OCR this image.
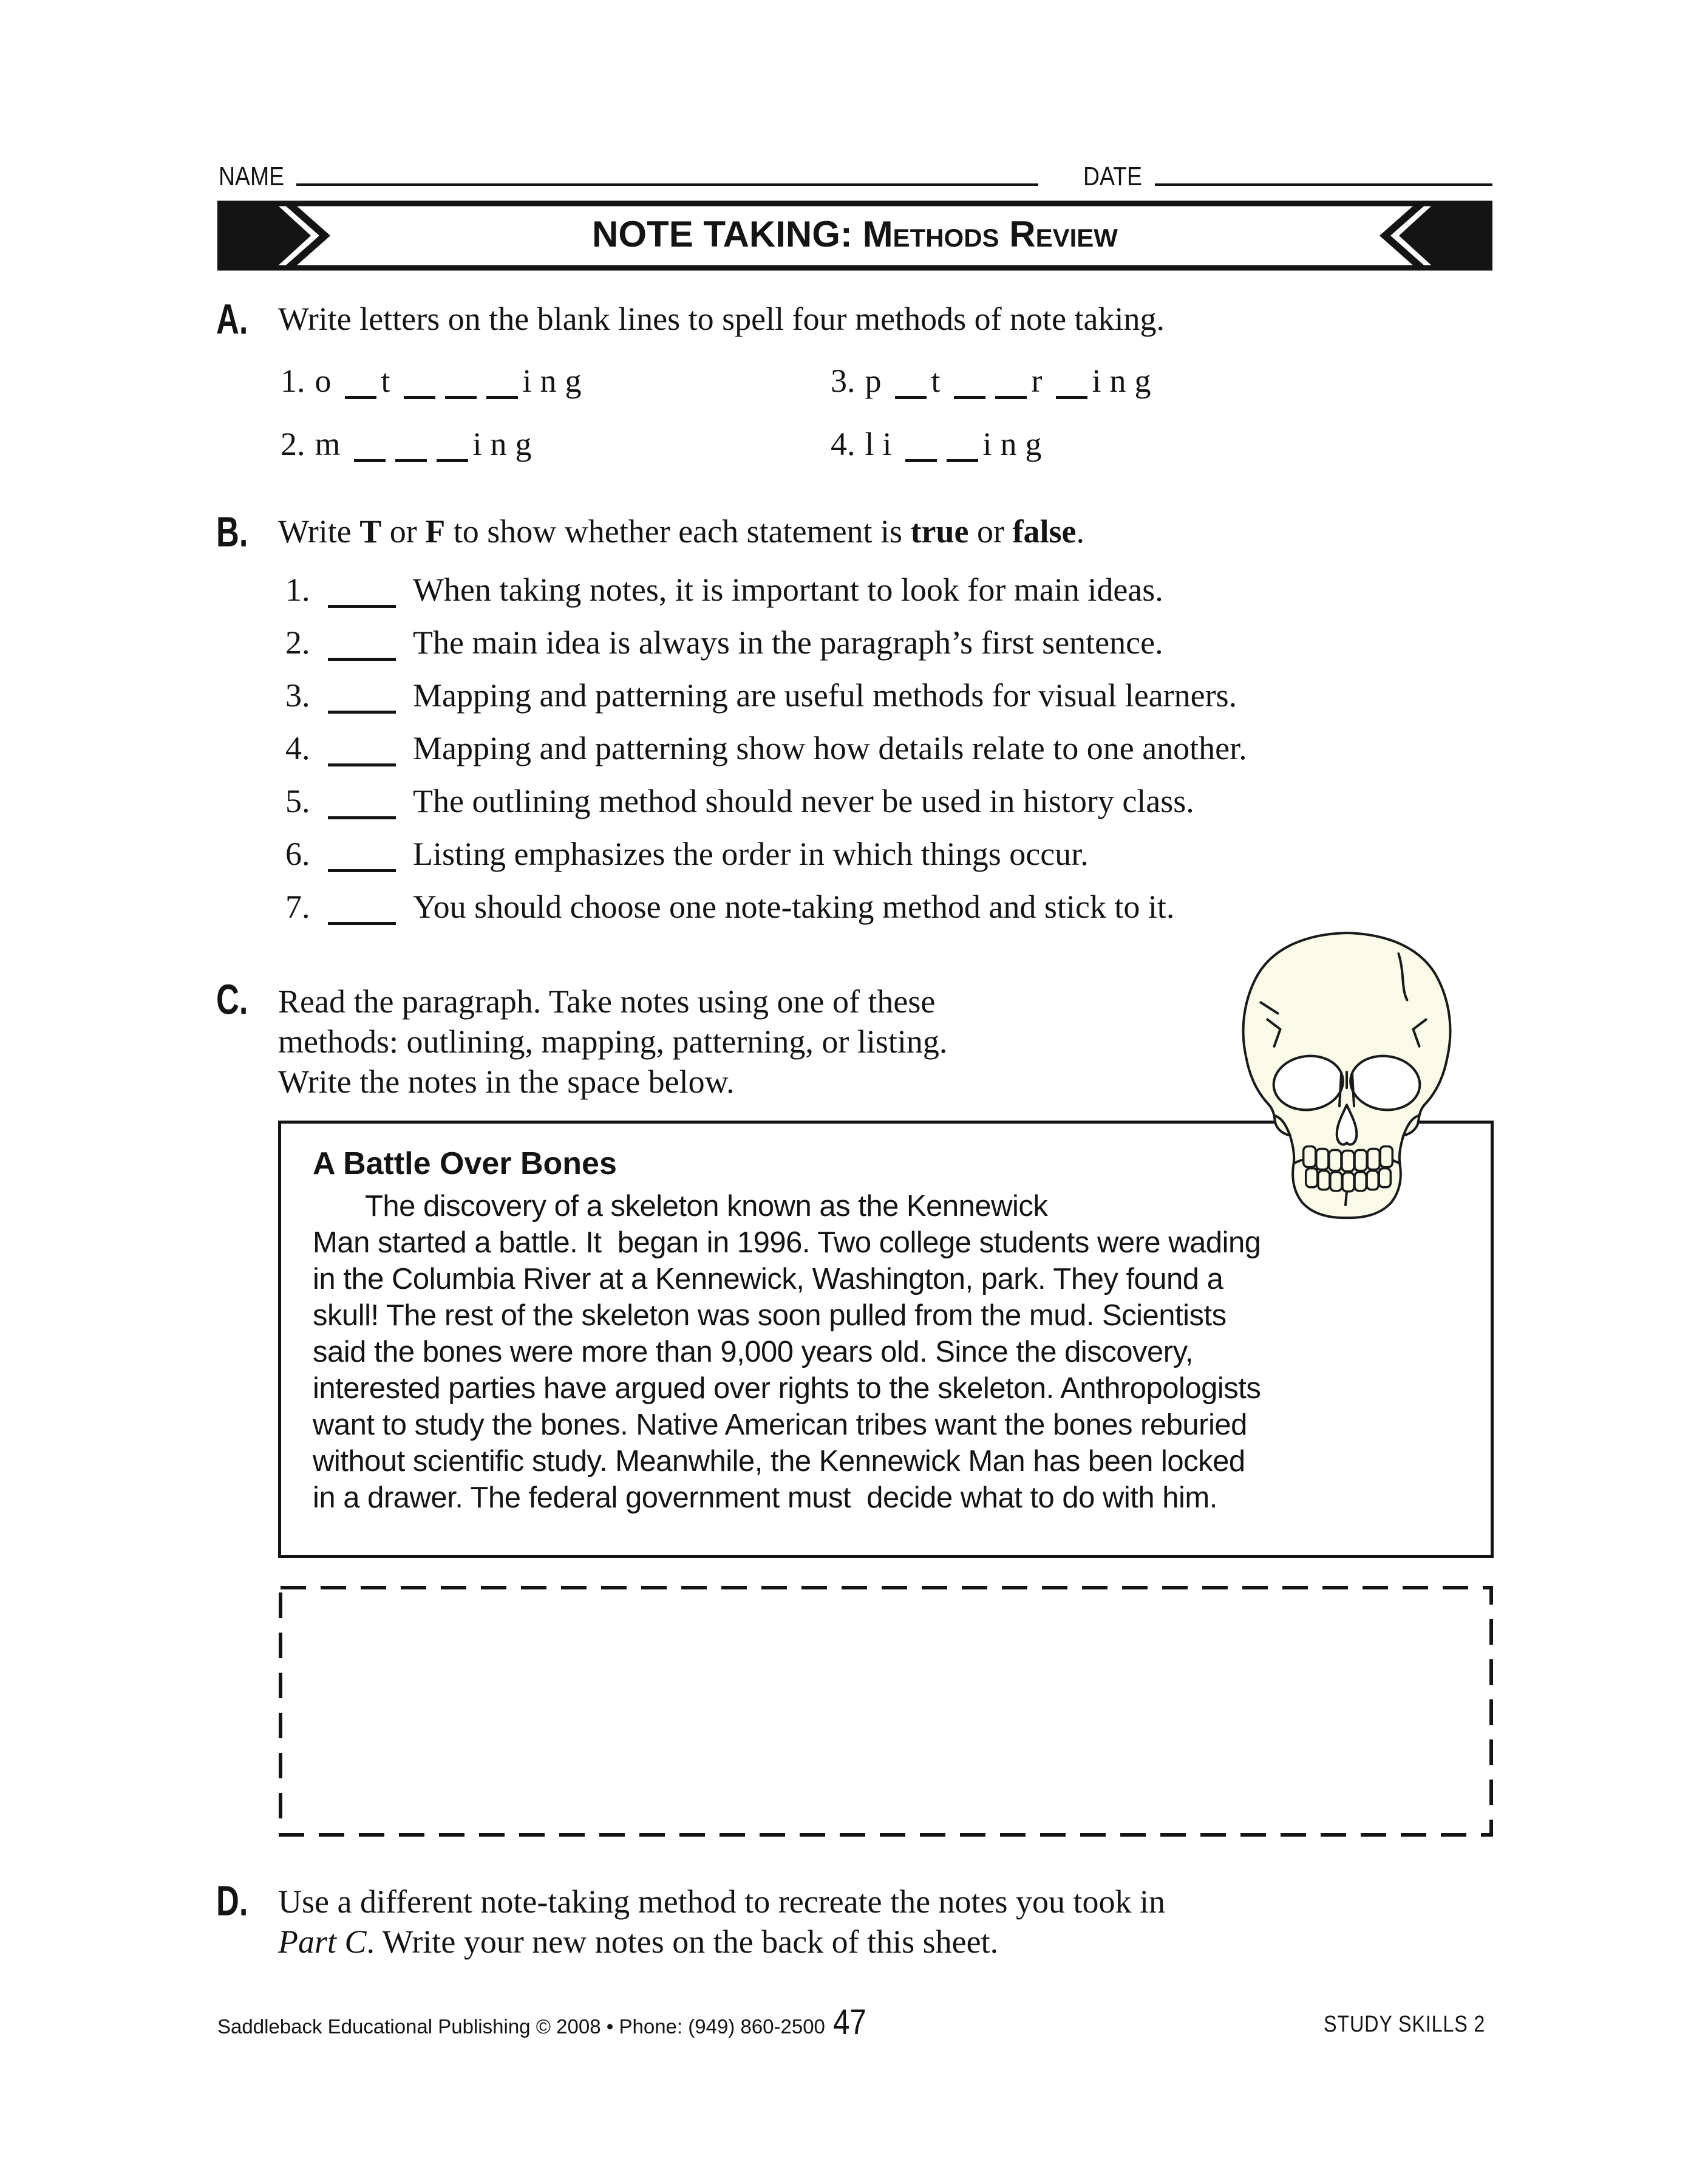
NAME	DATE
NOTE TAKING: Methods Review
A. Write letters on the blank lines to spell four methods of note taking.
1. o t	i n g	3. p t	r i n g
2. m	i n g	4. l i	i n g
B. Write T or F to show whether each statement is true or false.
1.	When taking notes, it is important to look for main ideas.
2.	The main idea is always in the paragraph’s first sentence.
3.	Mapping and patterning are useful methods for visual learners.
4.	Mapping and patterning show how details relate to one another.
5.	The outlining method should never be used in history class.
6.	Listing emphasizes the order in which things occur.
7.	You should choose one note-taking method and stick to it.
C. Read the paragraph. Take notes using one of these
methods: outlining, mapping, patterning, or listing.
Write the notes in the space below.
A Battle Over Bones
The discovery of a skeleton known as the Kennewick
Man started a battle. It  began in 1996. Two college students were wading
in the Columbia River at a Kennewick, Washington, park. They found a
skull! The rest of the skeleton was soon pulled from the mud. Scientists
said the bones were more than 9,000 years old. Since the discovery,
interested parties have argued over rights to the skeleton. Anthropologists
want to study the bones. Native American tribes want the bones reburied
without scientific study. Meanwhile, the Kennewick Man has been locked
in a drawer. The federal government must  decide what to do with him.
D. Use a different note-taking method to recreate the notes you took in
Part C. Write your new notes on the back of this sheet.
Saddleback Educational Publishing © 2008 • Phone: (949) 860-2500 47	STUDY SKILLS 2
